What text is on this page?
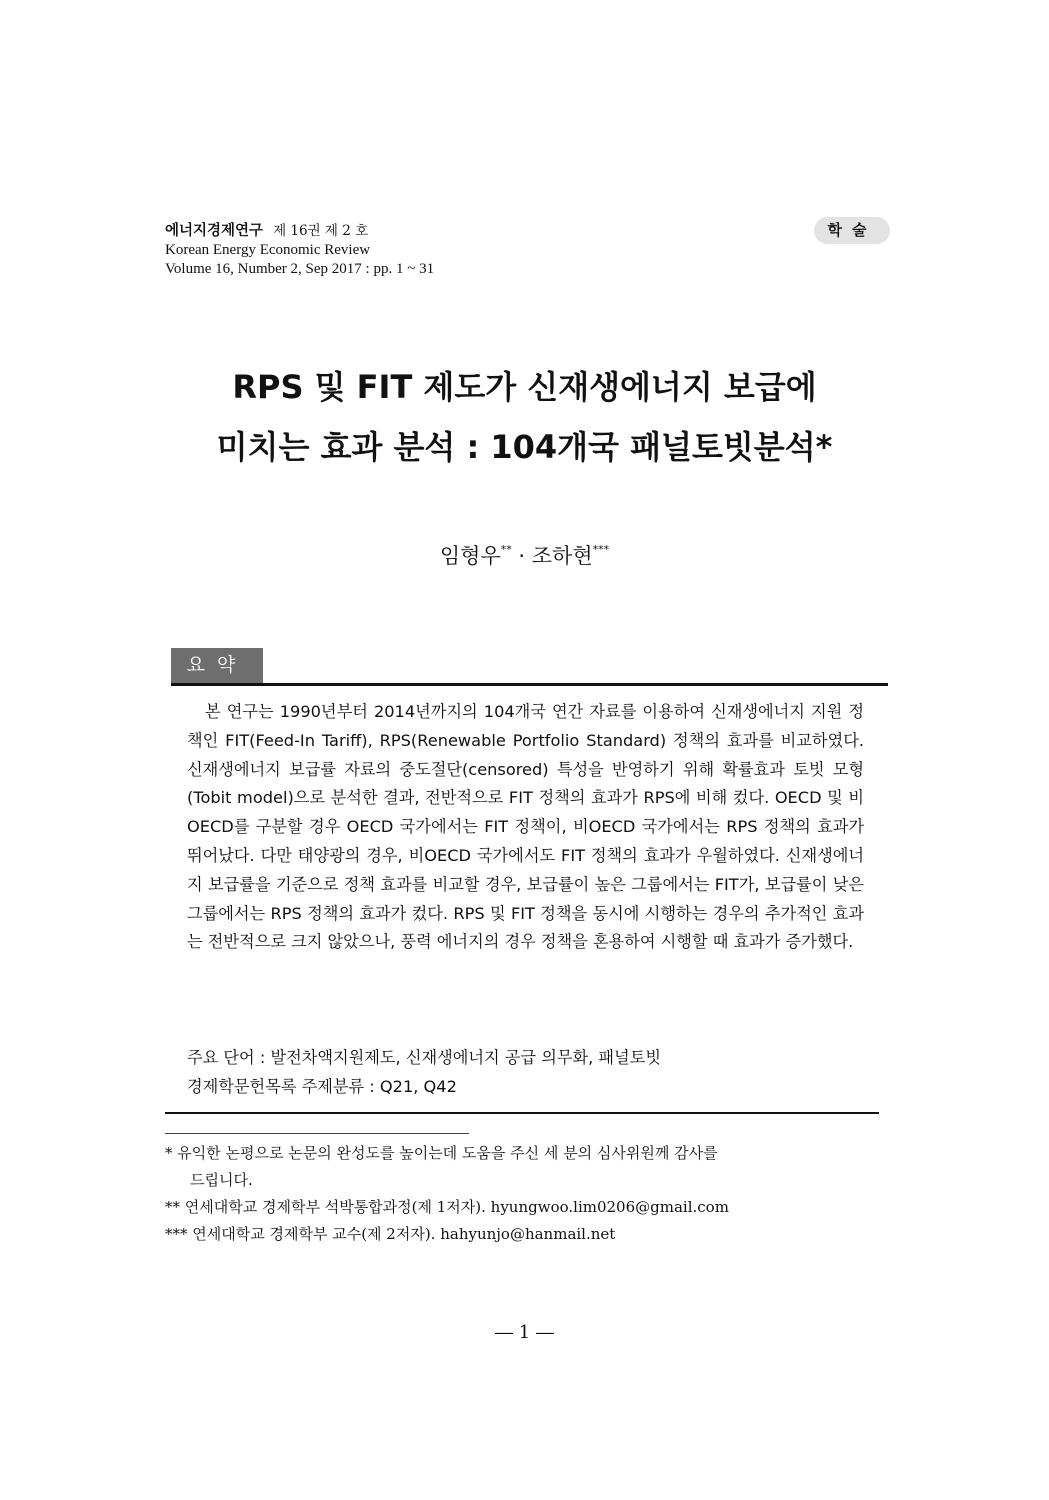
에너지경제연구 제 16권 제 2 호
Korean Energy Economic Review
Volume 16, Number 2, Sep 2017 : pp. 1 ~ 31
학술
RPS 및 FIT 제도가 신재생에너지 보급에
미치는 효과 분석 : 104개국 패널토빗분석*
임형우** · 조하현***
요약

본 연구는 1990년부터 2014년까지의 104개국 연간 자료를 이용하여 신재생에너지 지원 정책인 FIT(Feed-In Tariff), RPS(Renewable Portfolio Standard) 정책의 효과를 비교하였다. 신재생에너지 보급률 자료의 중도절단(censored) 특성을 반영하기 위해 확률효과 토빗 모형(Tobit model)으로 분석한 결과, 전반적으로 FIT 정책의 효과가 RPS에 비해 컸다. OECD 및 비OECD를 구분할 경우 OECD 국가에서는 FIT 정책이, 비OECD 국가에서는 RPS 정책의 효과가 뛰어났다. 다만 태양광의 경우, 비OECD 국가에서도 FIT 정책의 효과가 우월하였다. 신재생에너지 보급률을 기준으로 정책 효과를 비교할 경우, 보급률이 높은 그룹에서는 FIT가, 보급률이 낮은 그룹에서는 RPS 정책의 효과가 컸다. RPS 및 FIT 정책을 동시에 시행하는 경우의 추가적인 효과는 전반적으로 크지 않았으나, 풍력 에너지의 경우 정책을 혼용하여 시행할 때 효과가 증가했다.

주요 단어 : 발전차액지원제도, 신재생에너지 공급 의무화, 패널토빗
경제학문헌목록 주제분류 : Q21, Q42
* 유익한 논평으로 논문의 완성도를 높이는데 도움을 주신 세 분의 심사위원께 감사를
드립니다.
** 연세대학교 경제학부 석박통합과정(제 1저자). hyungwoo.lim0206@gmail.com
*** 연세대학교 경제학부 교수(제 2저자). hahyunjo@hanmail.net
― 1 ―
